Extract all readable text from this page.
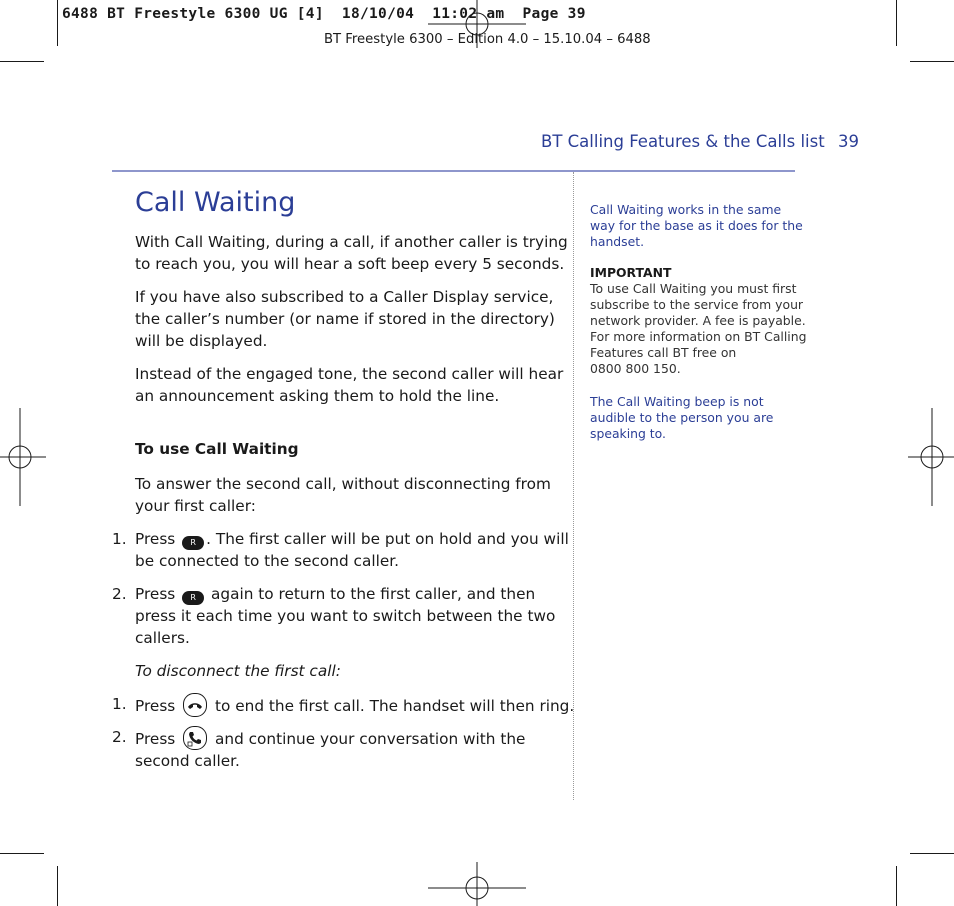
6488 BT Freestyle 6300 UG [4]  18/10/04  11:02 am  Page 39
BT Freestyle 6300 – Edition 4.0 – 15.10.04 – 6488
BT Calling Features & the Calls list 39
Call Waiting
With Call Waiting, during a call, if another caller is trying
to reach you, you will hear a soft beep every 5 seconds.
If you have also subscribed to a Caller Display service,
the caller’s number (or name if stored in the directory)
will be displayed.
Instead of the engaged tone, the second caller will hear
an announcement asking them to hold the line.
To use Call Waiting
To answer the second call, without disconnecting from
your first caller:
1. Press R . The first caller will be put on hold and you will
be connected to the second caller.
2. Press R again to return to the first caller, and then
press it each time you want to switch between the two
callers.
To disconnect the first call:
1. Press
to end the first call. The handset will then ring.
2. Press
and continue your conversation with the
second caller.
Call Waiting works in the same
way for the base as it does for the
handset.
IMPORTANT
To use Call Waiting you must first
subscribe to the service from your
network provider. A fee is payable.
For more information on BT Calling
Features call BT free on
0800 800 150.
The Call Waiting beep is not
audible to the person you are
speaking to.
